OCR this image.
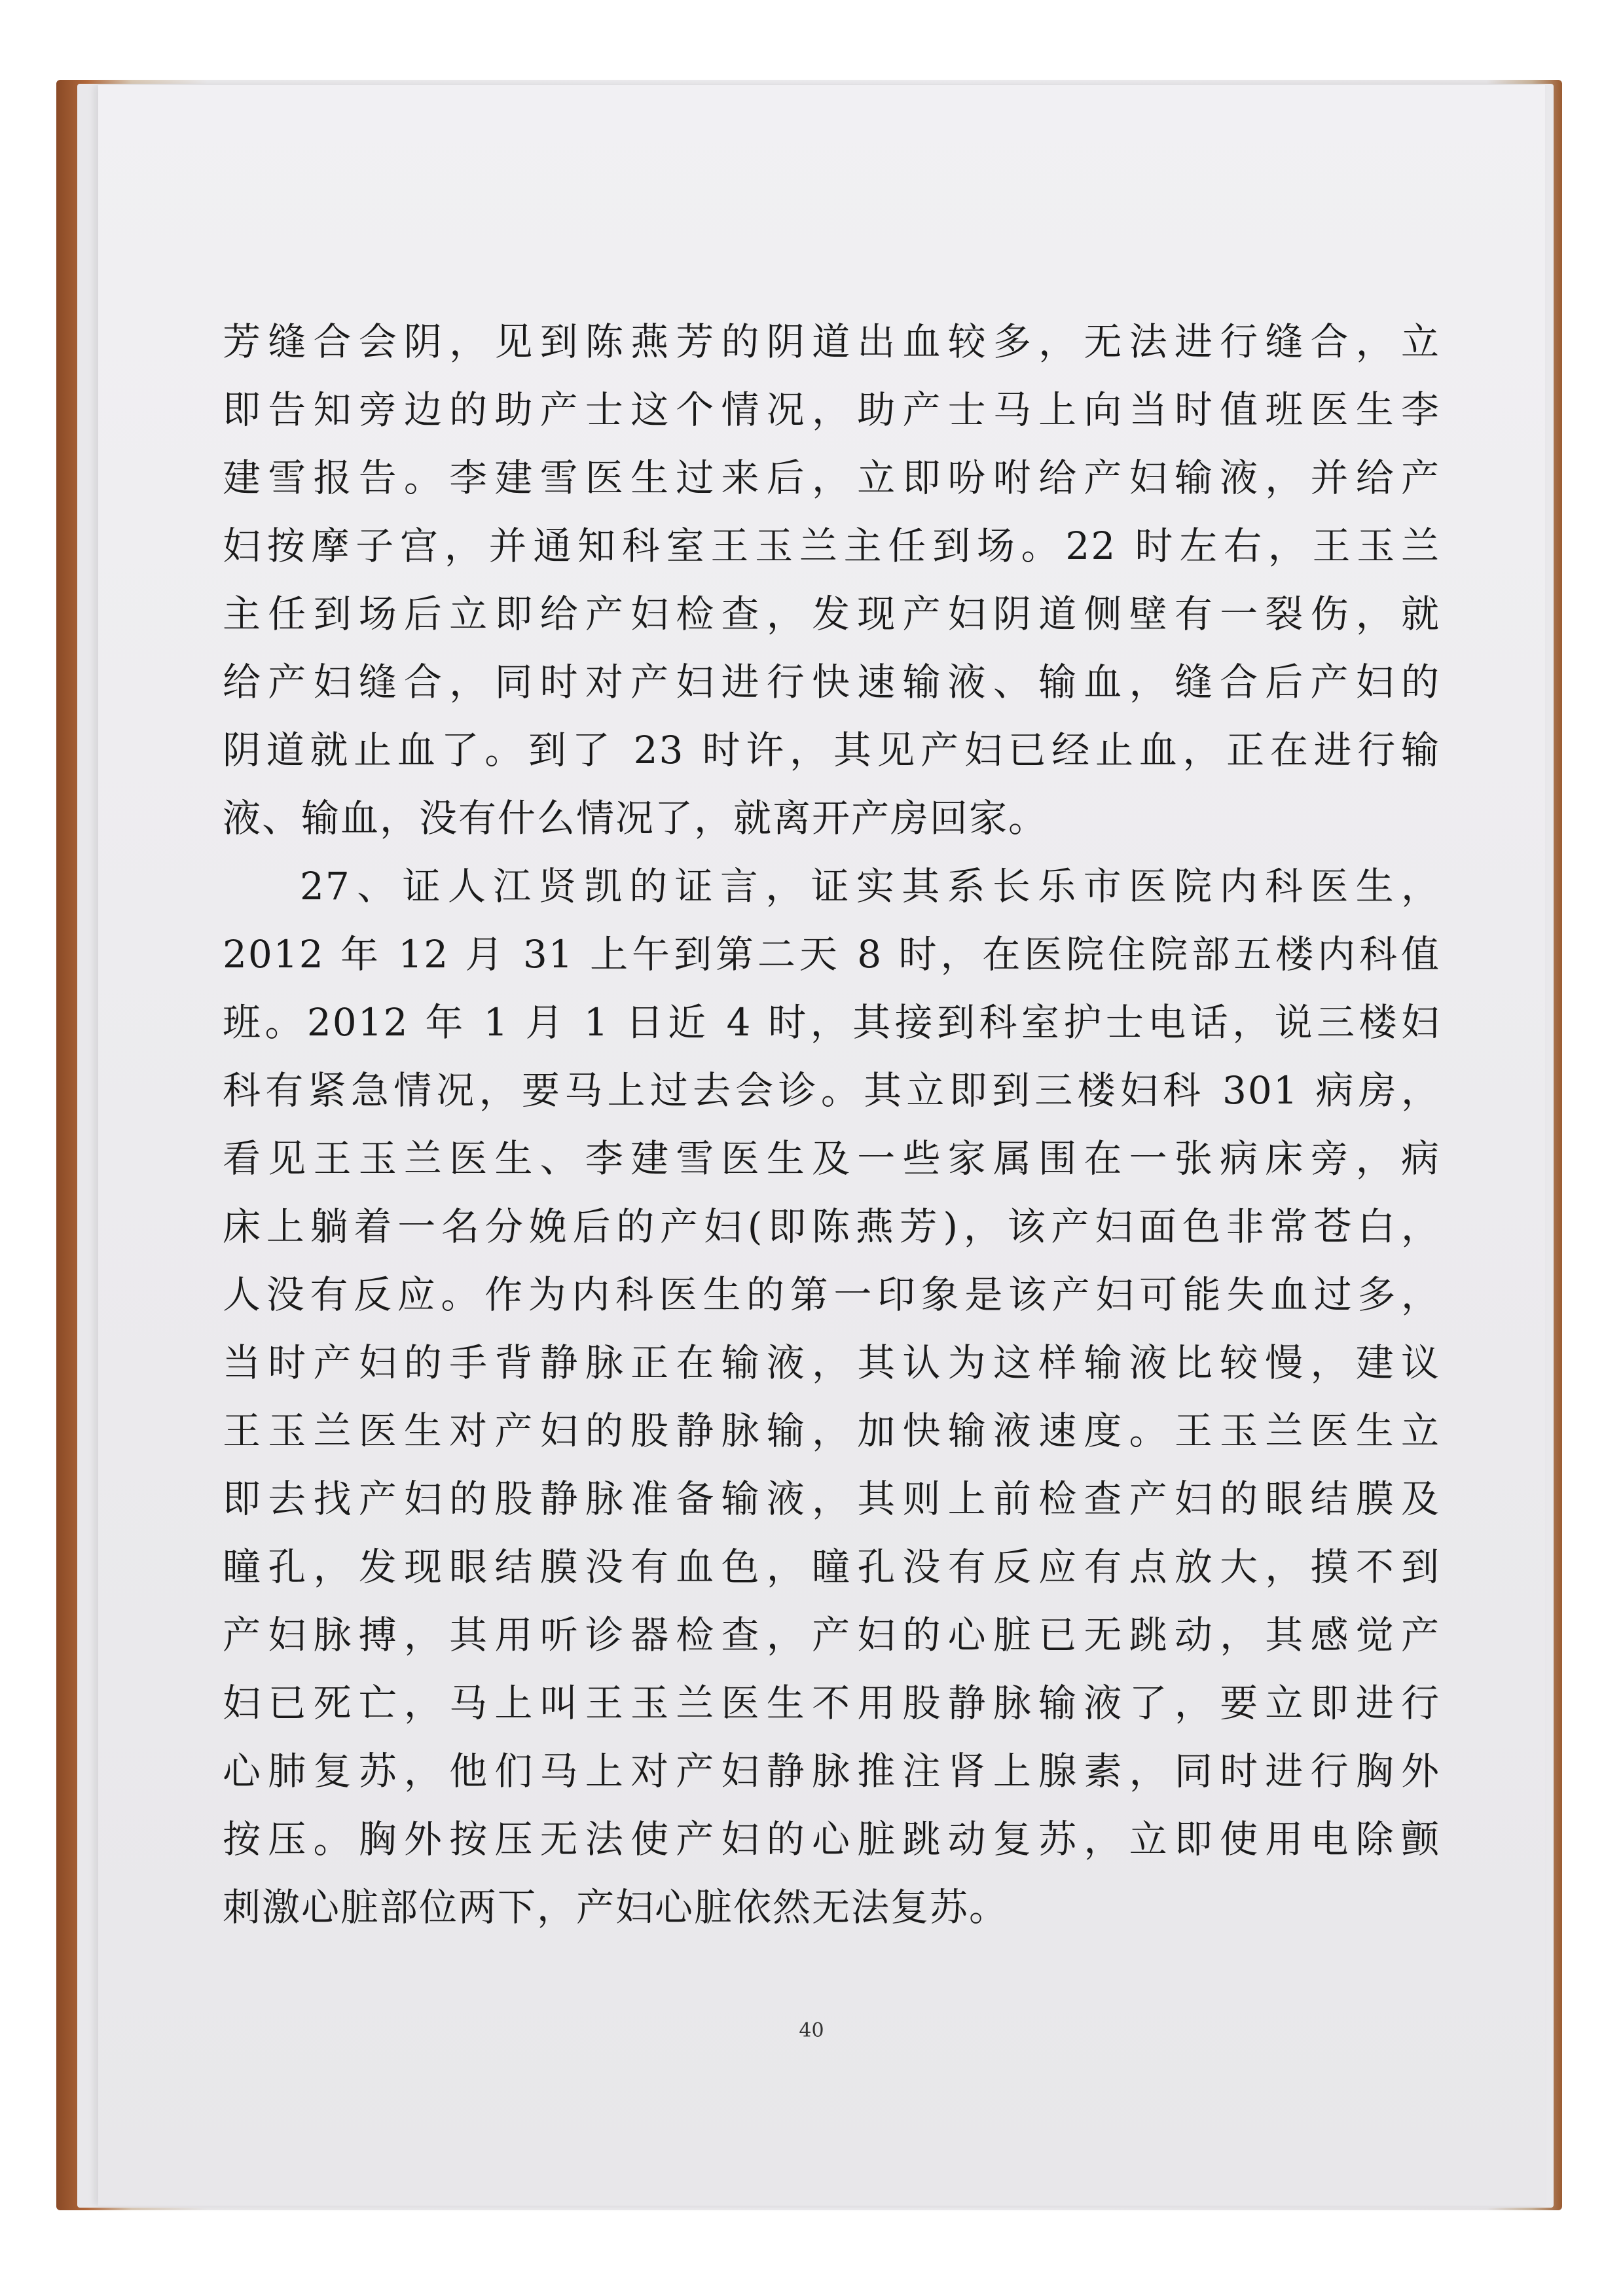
芳缝合会阴，见到陈燕芳的阴道出血较多，无法进行缝合，立
即告知旁边的助产士这个情况，助产士马上向当时值班医生李
建雪报告。李建雪医生过来后，立即吩咐给产妇输液，并给产
妇按摩子宫，并通知科室王玉兰主任到场。22 时左右，王玉兰
主任到场后立即给产妇检查，发现产妇阴道侧壁有一裂伤，就
给产妇缝合，同时对产妇进行快速输液、输血，缝合后产妇的
阴道就止血了。到了 23 时许，其见产妇已经止血，正在进行输
液、输血，没有什么情况了，就离开产房回家。
27、证人江贤凯的证言，证实其系长乐市医院内科医生，
2012 年 12 月 31 上午到第二天 8 时，在医院住院部五楼内科值
班。2012 年 1 月 1 日近 4 时，其接到科室护士电话，说三楼妇
科有紧急情况，要马上过去会诊。其立即到三楼妇科 301 病房，
看见王玉兰医生、李建雪医生及一些家属围在一张病床旁，病
床上躺着一名分娩后的产妇(即陈燕芳)，该产妇面色非常苍白，
人没有反应。作为内科医生的第一印象是该产妇可能失血过多，
当时产妇的手背静脉正在输液，其认为这样输液比较慢，建议
王玉兰医生对产妇的股静脉输，加快输液速度。王玉兰医生立
即去找产妇的股静脉准备输液，其则上前检查产妇的眼结膜及
瞳孔，发现眼结膜没有血色，瞳孔没有反应有点放大，摸不到
产妇脉搏，其用听诊器检查，产妇的心脏已无跳动，其感觉产
妇已死亡，马上叫王玉兰医生不用股静脉输液了，要立即进行
心肺复苏，他们马上对产妇静脉推注肾上腺素，同时进行胸外
按压。胸外按压无法使产妇的心脏跳动复苏，立即使用电除颤
刺激心脏部位两下，产妇心脏依然无法复苏。
40
